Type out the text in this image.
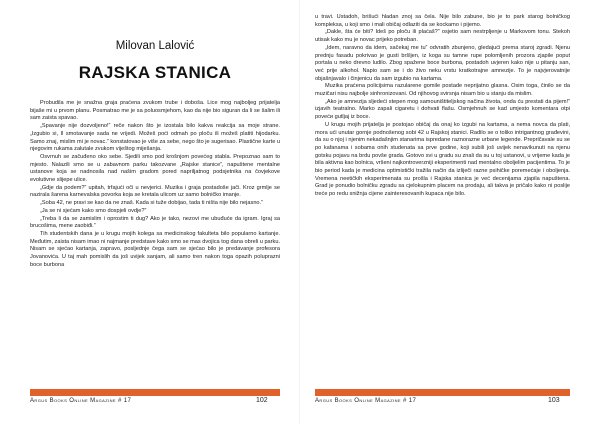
Milovan Lalović
RAJSKA STANICA

Probudila me je snažna graja praćena zvukom trube i doboša. Lice mog najboljeg prijatelja bijaše mi u prvom planu. Posmatrao me je sa poluosmjehom, kao da nije bio siguran da li se šalim ili sam zaista spavao.

„Spavanje nije dozvoljeno!” reče nakon što je izostala bilo kakva reakcija sa moje strane. „Izgubio si, Il smotavanje sada ne vrijedi. Možeš poći odmah po ploču ili možeš platiti hijodarku. Samo znaj, mislim mi je novac.” konstatovao je više za sebe, nego što je sugerisao. Plastične karte u njegovim rukama zalutale zvukom viještog miješanja.

Osvrnuh se začuđeno oko sebe. Sjedili smo pod krošnjom povećeg stabla. Prepoznao sam to mjesto. Nalazili smo se u zabavnom parku takozvane „Rajske stanice”, napuštene mentalne ustanove koja se nadnosila nad našim gradom pored napriljatnog podsjetnika na čovjekove evolutivne slijepe ulice.

„Gdje da podem?” upitah, trfajući oči u nevjerici. Muzika i graja postadoše jači. Kroz grmlje se nazirala šarena karnevalska povorka koja se kretala ulicom uz samo bolničko imanje.

„Soba 42, ne pravi se kao da ne znaš. Kada si tuže dobijao, tada ti ništa nije bilo nejasno.”

„Ja se ni sjećam kako smo dospjeli ovdje?”

„Treba li da se zamislim i oprostim ti dug? Ako je tako, nezovi me ubuđuće da igram. Igraj sa brucošima, mene zaobiđi.”

Tih studentskih dana je u krugu mojih kolega sa medicinskog fakulteta bilo popularno kartanje. Međutim, zaista nisam imao ni najmanje predstave kako smo se mas dvojica tog dana obreli u parku. Nisam se sjećao kartanja, zapravo, posljednje čega sam se sjećao bilo je predavanje profesora Jovanovića. U taj mah pomislih da još uvijek sanjam, ali samo tren nakon toga opazih poluprazni boce burbona

u travi. Ustadoh, brišući hladan znoj sa čela. Nije bilo zabune, bio je to park starog bolničkog kompleksa, u koji smo i mali običaj odlaziti da se kockamo i pijemo.

„Dakle, šta će biti? Ideš po ploču ili plaćaš?” osjetio sam nestrpljenje u Markovom tonu. Stekoh utisak kako mu je novac prijeko potreban.

„Idem, naravno da idem, sačekaj me tu” odvratih zbunjeno, gledajući prema staroj zgradi. Njenu prednju fasadu pokrivao je gusti bršljen, iz koga su tamne rupe polomljenih prozora zjapile poput portala u neko drevno ludilo. Zbog spaženе boce burbona, postadoh uvjeren kako nije u pitanju san, već prije alkohol. Napio sam se i do živo neku vrstu kratkotrajne amnezije. To je najvjerovatnije objašnjavalo i činjenicu da sam izgubio na kartama.

Muzika praćena policijsima razularene gomile postade neprijatno glasna. Osim toga, činilo se da muzičari nisu najbolje sinhronizovani. Od njihovog svirsnja nisam bio u stanju da mislim.

„Ako je amnezija sljedeći stepen mog samouništiteljskog načina života, onda ću prestati da pijem!” izjavih teatralno. Marko zapali cigaretu i dohvati flašu. Osmjehnuh se kad umjesto komentara otpi povećи gutljaj iz boce.

U krugu mojih prijatelja je postojao običaj da onaj ko izgubi na kartama, a nema novca da plati, mora ući unutar gornje podnošenog sobi 42 u Rajskoj stanici. Radilo se o toliko intrigantnog građevini, da su o njoj i njenim nekadašnjim stanarima ispredane raznorazne urbane legende. Prepričavale su se po kafanama i sobama onih studenata sa prve godine, koji subili još uvijek nenavikunuti na njenu gotsku pojavu na brdu povše grada. Gotovo svi u gradu su znali da su u toj ustanovi, u vrijeme kada je bila aktivna kao bolnica, vršeni najkontroverzniji eksperimenti nad mentalno oboljelim pacijentima. To je bio period kada je medicina optimistički tražila način da izliječi razne psihičke poremećaje i oboljenja. Vremena neetičkih eksperimenata su prošla i Rajska stanica je već decenijama zjapila napuštena. Grad je ponudio bolničku zgradu sa cjelokupnim placem na prodaju, ali takva je pričalo kako ni poslije treće po redu snižnja cijene zainteresovanih kupaca nije bilo.

Argus Books Online Magazine # 17	102	Argus Books Online Magazine # 17	103
